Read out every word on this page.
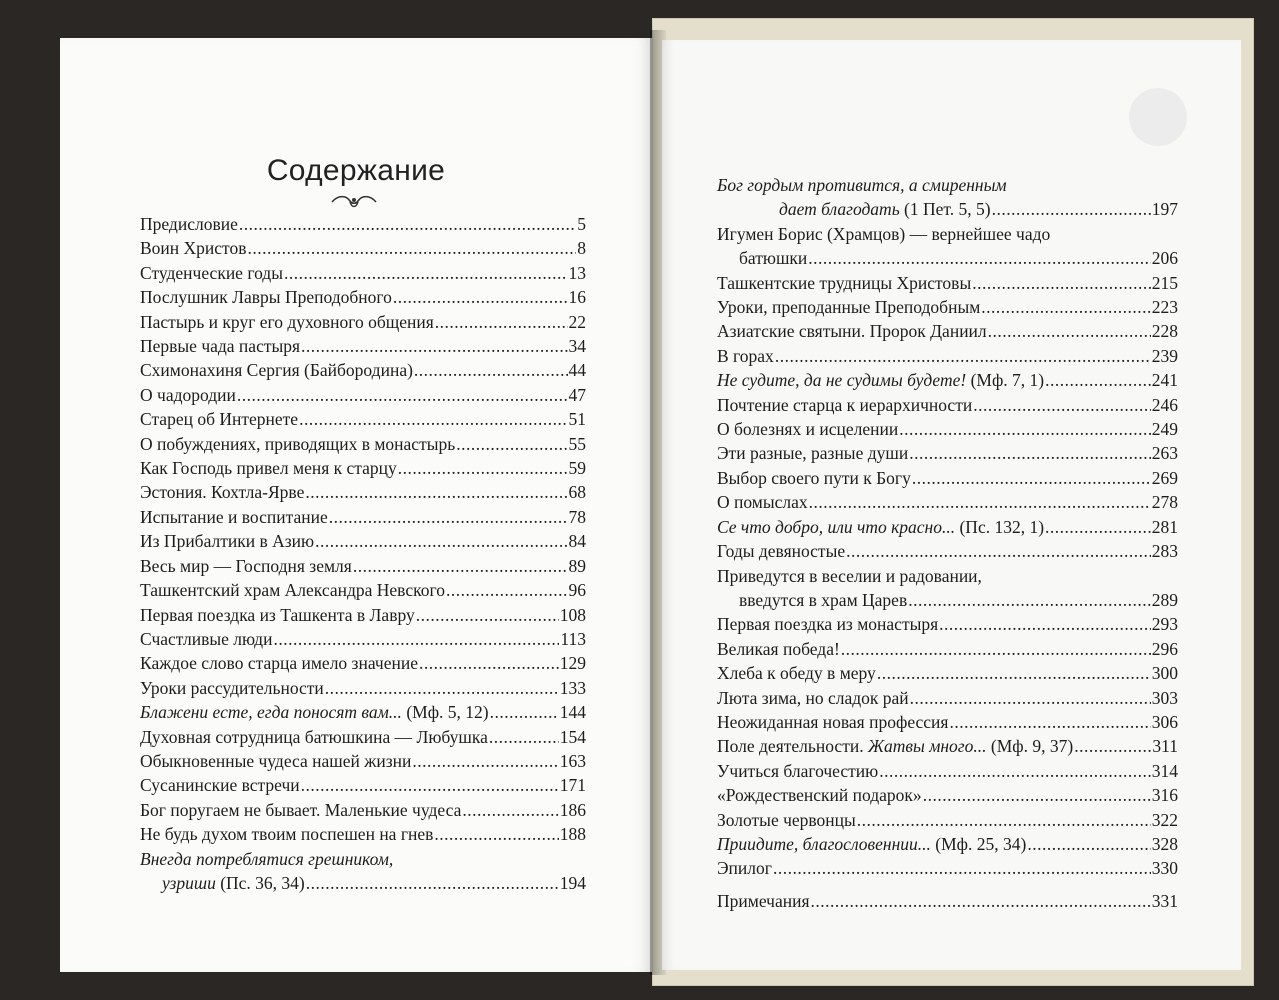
Содержание
Предисловие .....	5
Воин Христов .....	8
Студенческие годы .....	13
Послушник Лавры Преподобного .....	16
Пастырь и круг его духовного общения .....	22
Первые чада пастыря .....	34
Схимонахиня Сергия (Байбородина) .....	44
О чадородии .....	47
Старец об Интернете .....	51
О побуждениях, приводящих в монастырь .....	55
Как Господь привел меня к старцу .....	59
Эстония. Кохтла-Ярве .....	68
Испытание и воспитание .....	78
Из Прибалтики в Азию .....	84
Весь мир — Господня земля .....	89
Ташкентский храм Александра Невского .....	96
Первая поездка из Ташкента в Лавру .....	108
Счастливые люди .....	113
Каждое слово старца имело значение .....	129
Уроки рассудительности .....	133
Блажени есте, егда поносят вам... (Мф. 5, 12) .....	144
Духовная сотрудница батюшкина — Любушка .....	154
Обыкновенные чудеса нашей жизни .....	163
Сусанинские встречи .....	171
Бог поругаем не бывает. Маленькие чудеса .....	186
Не будь духом твоим поспешен на гнев .....	188
Внегда потреблятися грешником,
узриши (Пс. 36, 34) .....	194
Бог гордым противится, а смиренным
дает благодать (1 Пет. 5, 5) .....	197
Игумен Борис (Храмцов) — вернейшее чадо
батюшки .....	206
Ташкентские трудницы Христовы .....	215
Уроки, преподанные Преподобным .....	223
Азиатские святыни. Пророк Даниил .....	228
В горах .....	239
Не судите, да не судимы будете! (Мф. 7, 1) .....	241
Почтение старца к иерархичности .....	246
О болезнях и исцелении .....	249
Эти разные, разные души .....	263
Выбор своего пути к Богу .....	269
О помыслах .....	278
Се что добро, или что красно... (Пс. 132, 1) .....	281
Годы девяностые .....	283
Приведутся в веселии и радовании,
введутся в храм Царев .....	289
Первая поездка из монастыря .....	293
Великая победа! .....	296
Хлеба к обеду в меру .....	300
Люта зима, но сладок рай .....	303
Неожиданная новая профессия .....	306
Поле деятельности. Жатвы много... (Мф. 9, 37) .....	311
Учиться благочестию .....	314
«Рождественский подарок» .....	316
Золотые червонцы .....	322
Приидите, благословеннии... (Мф. 25, 34) .....	328
Эпилог .....	330
Примечания .....	331
